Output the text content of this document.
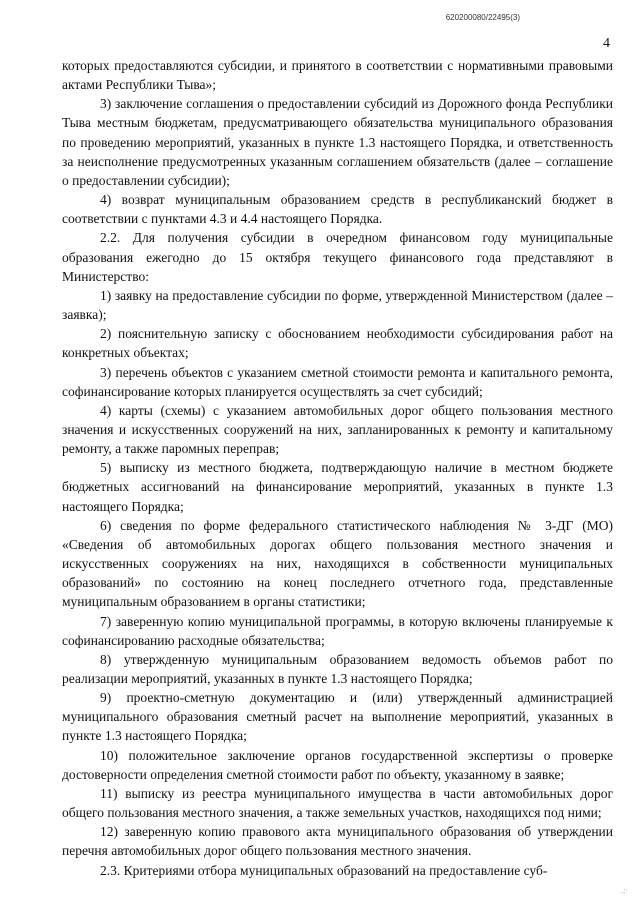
620200080/22495(3)
4

которых предоставляются субсидии, и принятого в соответствии с нормативными правовыми актами Республики Тыва»;

3) заключение соглашения о предоставлении субсидий из Дорожного фонда Республики Тыва местным бюджетам, предусматривающего обязательства муниципального образования по проведению мероприятий, указанных в пункте 1.3 настоящего Порядка, и ответственность за неисполнение предусмотренных указанным соглашением обязательств (далее – соглашение о предоставлении субсидии);

4) возврат муниципальным образованием средств в республиканский бюджет в соответствии с пунктами 4.3 и 4.4 настоящего Порядка.

2.2. Для получения субсидии в очередном финансовом году муниципальные образования ежегодно до 15 октября текущего финансового года представляют в Министерство:

1) заявку на предоставление субсидии по форме, утвержденной Министерством (далее – заявка);

2) пояснительную записку с обоснованием необходимости субсидирования работ на конкретных объектах;

3) перечень объектов с указанием сметной стоимости ремонта и капитального ремонта, софинансирование которых планируется осуществлять за счет субсидий;

4) карты (схемы) с указанием автомобильных дорог общего пользования местного значения и искусственных сооружений на них, запланированных к ремонту и капитальному ремонту, а также паромных переправ;

5) выписку из местного бюджета, подтверждающую наличие в местном бюджете бюджетных ассигнований на финансирование мероприятий, указанных в пункте 1.3 настоящего Порядка;

6) сведения по форме федерального статистического наблюдения № 3-ДГ (МО) «Сведения об автомобильных дорогах общего пользования местного значения и искусственных сооружениях на них, находящихся в собственности муниципальных образований» по состоянию на конец последнего отчетного года, представленные муниципальным образованием в органы статистики;

7) заверенную копию муниципальной программы, в которую включены планируемые к софинансированию расходные обязательства;

8) утвержденную муниципальным образованием ведомость объемов работ по реализации мероприятий, указанных в пункте 1.3 настоящего Порядка;

9) проектно-сметную документацию и (или) утвержденный администрацией муниципального образования сметный расчет на выполнение мероприятий, указанных в пункте 1.3 настоящего Порядка;

10) положительное заключение органов государственной экспертизы о проверке достоверности определения сметной стоимости работ по объекту, указанному в заявке;

11) выписку из реестра муниципального имущества в части автомобильных дорог общего пользования местного значения, а также земельных участков, находящихся под ними;

12) заверенную копию правового акта муниципального образования об утверждении перечня автомобильных дорог общего пользования местного значения.

2.3. Критериями отбора муниципальных образований на предоставление суб-

.:·
